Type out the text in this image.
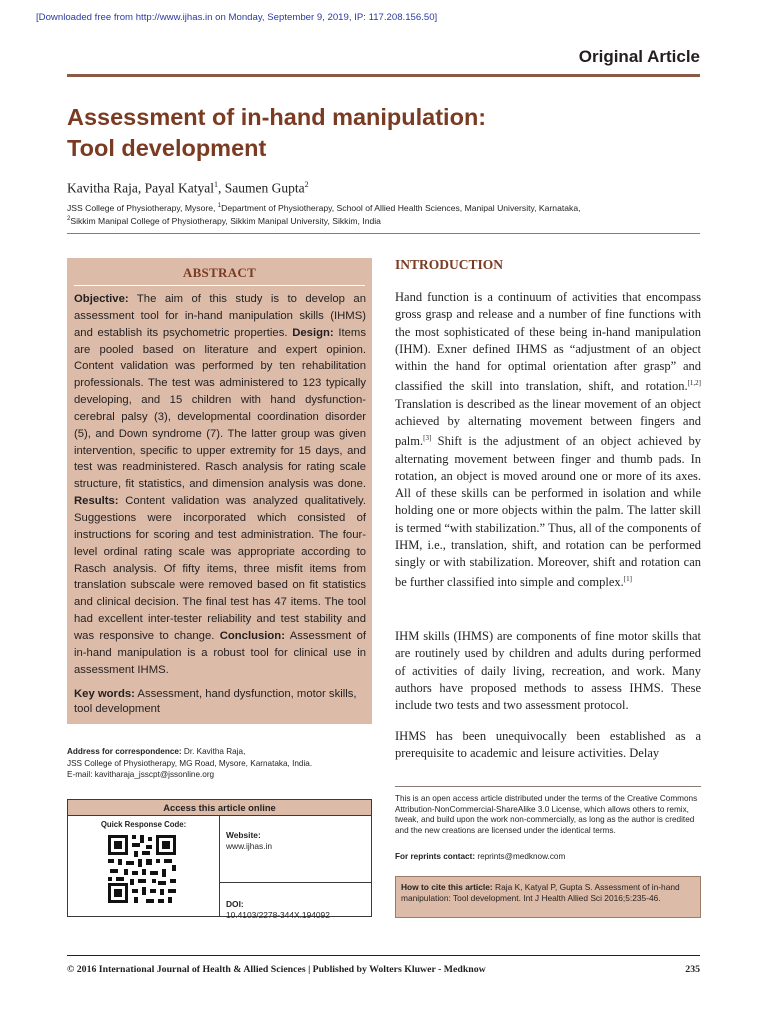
[Downloaded free from http://www.ijhas.in on Monday, September 9, 2019, IP: 117.208.156.50]
Original Article
Assessment of in-hand manipulation:
Tool development
Kavitha Raja, Payal Katyal$^1$, Saumen Gupta$^2$
JSS College of Physiotherapy, Mysore, $^1$Department of Physiotherapy, School of Allied Health Sciences, Manipal University, Karnataka,
$^2$Sikkim Manipal College of Physiotherapy, Sikkim Manipal University, Sikkim, India
ABSTRACT
Objective: The aim of this study is to develop an assessment tool for in-hand manipulation skills (IHMS) and establish its psychometric properties. Design: Items are pooled based on literature and expert opinion. Content validation was performed by ten rehabilitation professionals. The test was administered to 123 typically developing, and 15 children with hand dysfunction-cerebral palsy (3), developmental coordination disorder (5), and Down syndrome (7). The latter group was given intervention, specific to upper extremity for 15 days, and test was readministered. Rasch analysis for rating scale structure, fit statistics, and dimension analysis was done. Results: Content validation was analyzed qualitatively. Suggestions were incorporated which consisted of instructions for scoring and test administration. The four-level ordinal rating scale was appropriate according to Rasch analysis. Of fifty items, three misfit items from translation subscale were removed based on fit statistics and clinical decision. The final test has 47 items. The tool had excellent inter-tester reliability and test stability and was responsive to change. Conclusion: Assessment of in-hand manipulation is a robust tool for clinical use in assessment IHMS.
Key words: Assessment, hand dysfunction, motor skills, tool development
Address for correspondence: Dr. Kavitha Raja,
JSS College of Physiotherapy, MG Road, Mysore, Karnataka, India.
E-mail: kavitharaja_jsscpt@jssonline.org
Access this article online
Quick Response Code:
Website:
www.ijhas.in
DOI:
10.4103/2278-344X.194092
INTRODUCTION
Hand function is a continuum of activities that encompass gross grasp and release and a number of fine functions with the most sophisticated of these being in-hand manipulation (IHM). Exner defined IHMS as “adjustment of an object within the hand for optimal orientation after grasp” and classified the skill into translation, shift, and rotation.[1,2] Translation is described as the linear movement of an object achieved by alternating movement between fingers and palm.[3] Shift is the adjustment of an object achieved by alternating movement between finger and thumb pads. In rotation, an object is moved around one or more of its axes. All of these skills can be performed in isolation and while holding one or more objects within the palm. The latter skill is termed “with stabilization.” Thus, all of the components of IHM, i.e., translation, shift, and rotation can be performed singly or with stabilization. Moreover, shift and rotation can be further classified into simple and complex.[1]
IHM skills (IHMS) are components of fine motor skills that are routinely used by children and adults during performed of activities of daily living, recreation, and work. Many authors have proposed methods to assess IHMS. These include two tests and two assessment protocol.
IHMS has been unequivocally been established as a prerequisite to academic and leisure activities. Delay
This is an open access article distributed under the terms of the Creative Commons Attribution-NonCommercial-ShareAlike 3.0 License, which allows others to remix, tweak, and build upon the work non-commercially, as long as the author is credited and the new creations are licensed under the identical terms.
For reprints contact: reprints@medknow.com
How to cite this article: Raja K, Katyal P, Gupta S. Assessment of in-hand manipulation: Tool development. Int J Health Allied Sci 2016;5:235-46.
© 2016 International Journal of Health & Allied Sciences | Published by Wolters Kluwer - Medknow	235
